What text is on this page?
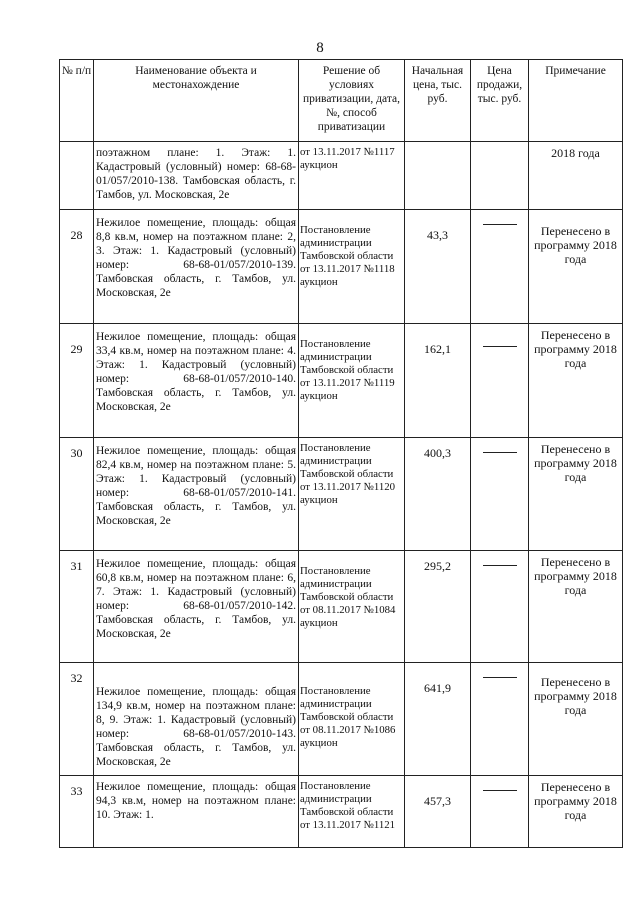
8
№ п/п	Наименование объекта и местонахождение	Решение об условиях приватизации, дата, №, способ приватизации	Начальная цена, тыс. руб.	Цена продажи, тыс. руб.	Примечание

	поэтажном плане: 1. Этаж: 1. Кадастровый (условный) номер: 68-68-01/057/2010-138. Тамбовская область, г. Тамбов, ул. Московская, 2е	от 13.11.2017 №1117 аукцион			2018 года

28	Нежилое помещение, площадь: общая 8,8 кв.м, номер на поэтажном плане: 2, 3. Этаж: 1. Кадастровый (условный) номер: 68-68-01/057/2010-139. Тамбовская область, г. Тамбов, ул. Московская, 2е	Постановление администрации Тамбовской области от 13.11.2017 №1118 аукцион	43,3		Перенесено в программу 2018 года

29	Нежилое помещение, площадь: общая 33,4 кв.м, номер на поэтажном плане: 4. Этаж: 1. Кадастровый (условный) номер: 68-68-01/057/2010-140. Тамбовская область, г. Тамбов, ул. Московская, 2е	Постановление администрации Тамбовской области от 13.11.2017 №1119 аукцион	162,1		Перенесено в программу 2018 года

30	Нежилое помещение, площадь: общая 82,4 кв.м, номер на поэтажном плане: 5. Этаж: 1. Кадастровый (условный) номер: 68-68-01/057/2010-141. Тамбовская область, г. Тамбов, ул. Московская, 2е	Постановление администрации Тамбовской области от 13.11.2017 №1120 аукцион	400,3		Перенесено в программу 2018 года

31	Нежилое помещение, площадь: общая 60,8 кв.м, номер на поэтажном плане: 6, 7. Этаж: 1. Кадастровый (условный) номер: 68-68-01/057/2010-142. Тамбовская область, г. Тамбов, ул. Московская, 2е	Постановление администрации Тамбовской области от 08.11.2017 №1084 аукцион	295,2		Перенесено в программу 2018 года

32	Нежилое помещение, площадь: общая 134,9 кв.м, номер на поэтажном плане: 8, 9. Этаж: 1. Кадастровый (условный) номер: 68-68-01/057/2010-143. Тамбовская область, г. Тамбов, ул. Московская, 2е	Постановление администрации Тамбовской области от 08.11.2017 №1086 аукцион	641,9		Перенесено в программу 2018 года

33	Нежилое помещение, площадь: общая 94,3 кв.м, номер на поэтажном плане: 10. Этаж: 1.	Постановление администрации Тамбовской области от 13.11.2017 №1121	457,3		Перенесено в программу 2018 года
